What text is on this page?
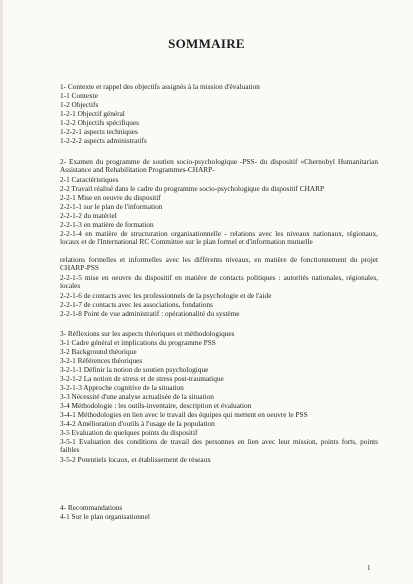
SOMMAIRE
1- Contexte et rappel des objectifs assignés à la mission d'évaluation
1-1 Contexte
1-2 Objectifs
1-2-1 Objectif général
1-2-2 Objectifs spécifiques
1-2-2-1 aspects techniques
1-2-2-2 aspects administratifs
2- Examen du programme de soutien socio-psychologique -PSS- du dispositif «Chernobyl Humanitarian Assistance and Rehabilitation Programmes-CHARP-
2-1 Caractéristiques
2-2 Travail réalisé dans le cadre du programme socio-psychologique du dispositif CHARP
2-2-1 Mise en oeuvre du dispositif
2-2-1-1 sur le plan de l'information
2-2-1-2 du matériel
2-2-1-3 en matière de formation
2-2-1-4 en matière de structuration organisationnelle - relations avec les niveaux nationaux, régionaux, locaux et de l'International RC Committee sur le plan formel et d'information mutuelle
relations formelles et informelles avec les différents niveaux, en matière de fonctionnement du projet CHARP-PSS
2-2-1-5 mise en oeuvre du dispositif en matière de contacts politiques : autorités nationales, régionales, locales
2-2-1-6 de contacts avec les professionnels de la psychologie et de l'aide
2-2-1-7 de contacts avec les associations, fondations
2-2-1-8 Point de vue administratif : opérationalité du système
3- Réflexions sur les aspects théoriques et méthodologiques
3-1 Cadre général et implications du programme PSS
3-2 Background théorique
3-2-1 Références théoriques
3-2-1-1 Définir la notion de soutien psychologique
3-2-1-2 La notion de stress et de stress post-traumatique
3-2-1-3 Approche cognitive de la situation
3-3 Nécessité d'une analyse actualisée de la situation
3-4 Méthodologie : les outils-inventaire, description et évaluation
3-4-1 Méthodologies en lien avec le travail des équipes qui mettent en oeuvre le PSS
3-4-2 Amélioration d'outils à l'usage de la population
3-5 Evaluation de quelques points du dispositif
3-5-1 Evaluation des conditions de travail des personnes en lien avec leur mission, points forts, points faibles
3-5-2 Potentiels locaux, et établissement de réseaux
4- Recommandations
4-1 Sur le plan organisationnel
1
